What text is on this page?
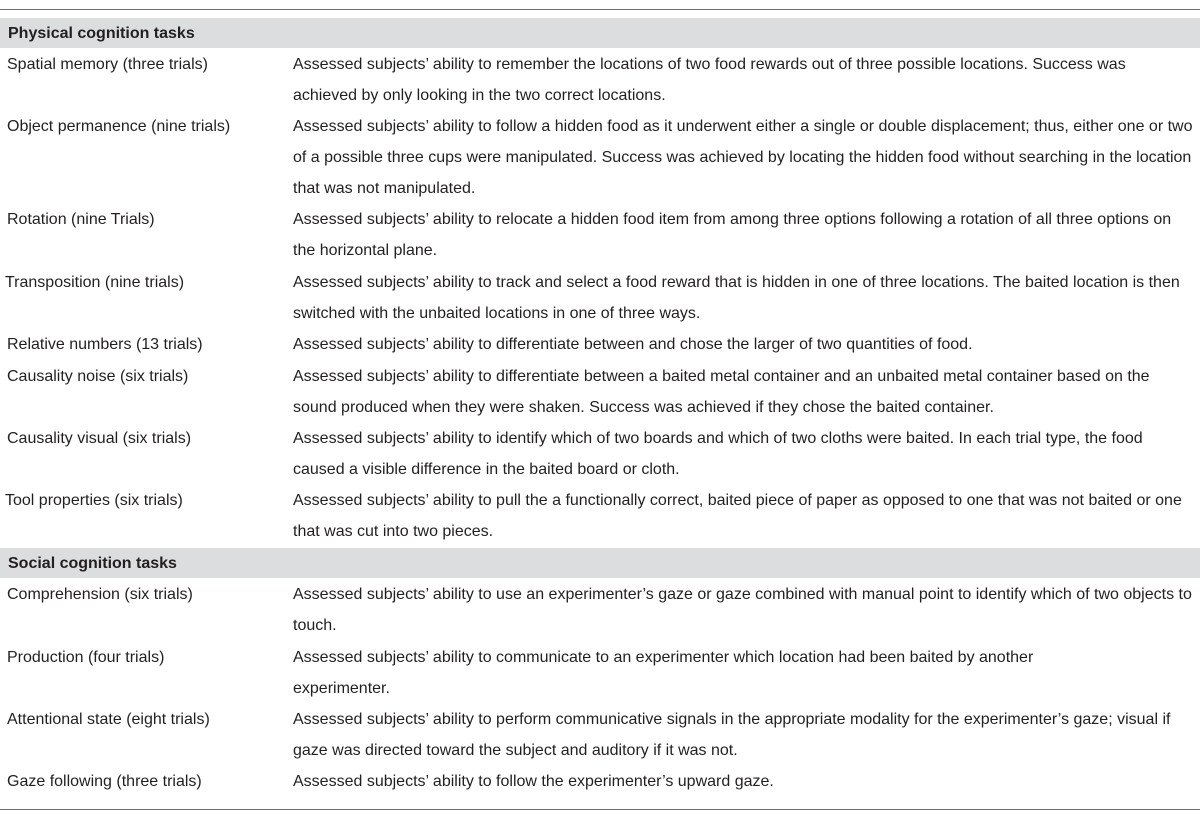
Physical cognition tasks
Spatial memory (three trials)	Assessed subjects’ ability to remember the locations of two food rewards out of three possible locations. Success was achieved by only looking in the two correct locations.
Object permanence (nine trials)	Assessed subjects’ ability to follow a hidden food as it underwent either a single or double displacement; thus, either one or two of a possible three cups were manipulated. Success was achieved by locating the hidden food without searching in the location that was not manipulated.
Rotation (nine Trials)	Assessed subjects’ ability to relocate a hidden food item from among three options following a rotation of all three options on the horizontal plane.
Transposition (nine trials)	Assessed subjects’ ability to track and select a food reward that is hidden in one of three locations. The baited location is then switched with the unbaited locations in one of three ways.
Relative numbers (13 trials)	Assessed subjects’ ability to differentiate between and chose the larger of two quantities of food.
Causality noise (six trials)	Assessed subjects’ ability to differentiate between a baited metal container and an unbaited metal container based on the sound produced when they were shaken. Success was achieved if they chose the baited container.
Causality visual (six trials)	Assessed subjects’ ability to identify which of two boards and which of two cloths were baited. In each trial type, the food caused a visible difference in the baited board or cloth.
Tool properties (six trials)	Assessed subjects’ ability to pull the a functionally correct, baited piece of paper as opposed to one that was not baited or one that was cut into two pieces.
Social cognition tasks
Comprehension (six trials)	Assessed subjects’ ability to use an experimenter’s gaze or gaze combined with manual point to identify which of two objects to touch.
Production (four trials)	Assessed subjects’ ability to communicate to an experimenter which location had been baited by another experimenter.
Attentional state (eight trials)	Assessed subjects’ ability to perform communicative signals in the appropriate modality for the experimenter’s gaze; visual if gaze was directed toward the subject and auditory if it was not.
Gaze following (three trials)	Assessed subjects’ ability to follow the experimenter’s upward gaze.
